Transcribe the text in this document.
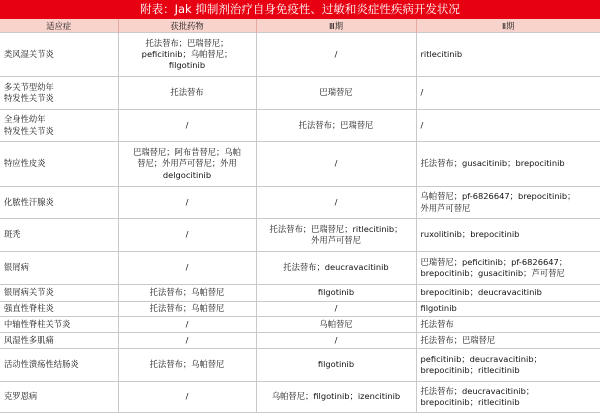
附表：Jak 抑制剂治疗自身免疫性、过敏和炎症性疾病开发状况
适应症	获批药物	Ⅲ期	Ⅱ期

类风湿关节炎	托法替布；巴瑞替尼；
peficitinib；乌帕替尼；
filgotinib	/	ritlecitinib

多关节型幼年
特发性关节炎	托法替布	巴瑞替尼	/

全身性幼年
特发性关节炎	/	托法替布；巴瑞替尼	/

特应性皮炎	巴瑞替尼；阿布昔替尼；乌帕
替尼；外用芦可替尼；外用
delgocitinib	/	托法替布；gusacitinib；brepocitinib

化脓性汗腺炎	/	/	乌帕替尼；pf-6826647；brepocitinib；
外用芦可替尼

斑秃	/	托法替布；巴瑞替尼；ritlecitinib；
外用芦可替尼	ruxolitinib；brepocitinib

银屑病	/	托法替布；deucravacitinib	巴瑞替尼；peficitinib；pf-6826647；
brepocitinib；gusacitinib；芦可替尼

银屑病关节炎	托法替布；乌帕替尼	filgotinib	brepocitinib；deucravacitinib

强直性脊柱炎	托法替布；乌帕替尼	/	filgotinib

中轴性脊柱关节炎	/	乌帕替尼	托法替布

风湿性多肌痛	/	/	托法替布；巴瑞替尼

活动性溃疡性结肠炎	托法替布；乌帕替尼	filgotinib	peficitinib；deucravacitinib；
brepocitinib；ritlecitinib

克罗恩病	/	乌帕替尼；filgotinib；izencitinib	托法替布；deucravacitinib；
brepocitinib；ritlecitinib
